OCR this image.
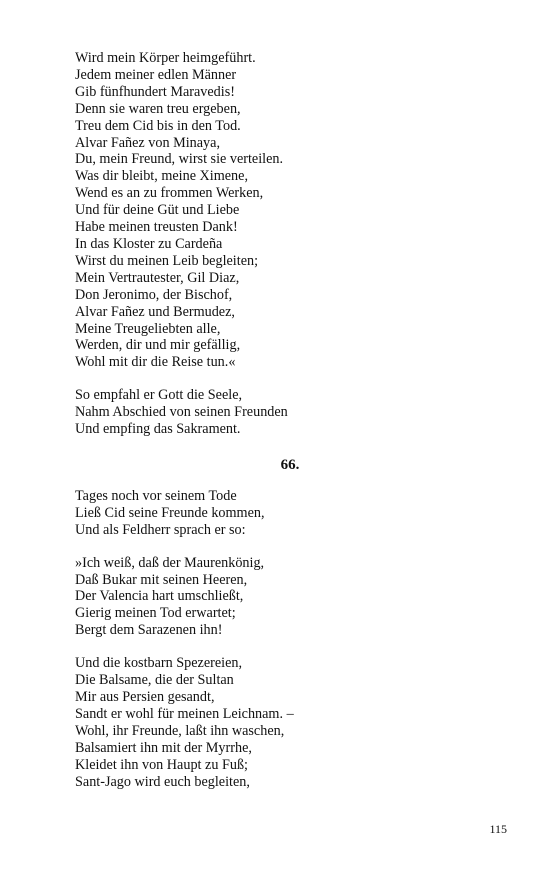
Wird mein Körper heimgeführt.
Jedem meiner edlen Männer
Gib fünfhundert Maravedis!
Denn sie waren treu ergeben,
Treu dem Cid bis in den Tod.
Alvar Fañez von Minaya,
Du, mein Freund, wirst sie verteilen.
Was dir bleibt, meine Ximene,
Wend es an zu frommen Werken,
Und für deine Güt und Liebe
Habe meinen treusten Dank!
In das Kloster zu Cardeña
Wirst du meinen Leib begleiten;
Mein Vertrautester, Gil Diaz,
Don Jeronimo, der Bischof,
Alvar Fañez und Bermudez,
Meine Treugeliebten alle,
Werden, dir und mir gefällig,
Wohl mit dir die Reise tun.«
So empfahl er Gott die Seele,
Nahm Abschied von seinen Freunden
Und empfing das Sakrament.
66.
Tages noch vor seinem Tode
Ließ Cid seine Freunde kommen,
Und als Feldherr sprach er so:
»Ich weiß, daß der Maurenkönig,
Daß Bukar mit seinen Heeren,
Der Valencia hart umschließt,
Gierig meinen Tod erwartet;
Bergt dem Sarazenen ihn!
Und die kostbarn Spezereien,
Die Balsame, die der Sultan
Mir aus Persien gesandt,
Sandt er wohl für meinen Leichnam. –
Wohl, ihr Freunde, laßt ihn waschen,
Balsamiert ihn mit der Myrrhe,
Kleidet ihn von Haupt zu Fuß;
Sant-Jago wird euch begleiten,
115
